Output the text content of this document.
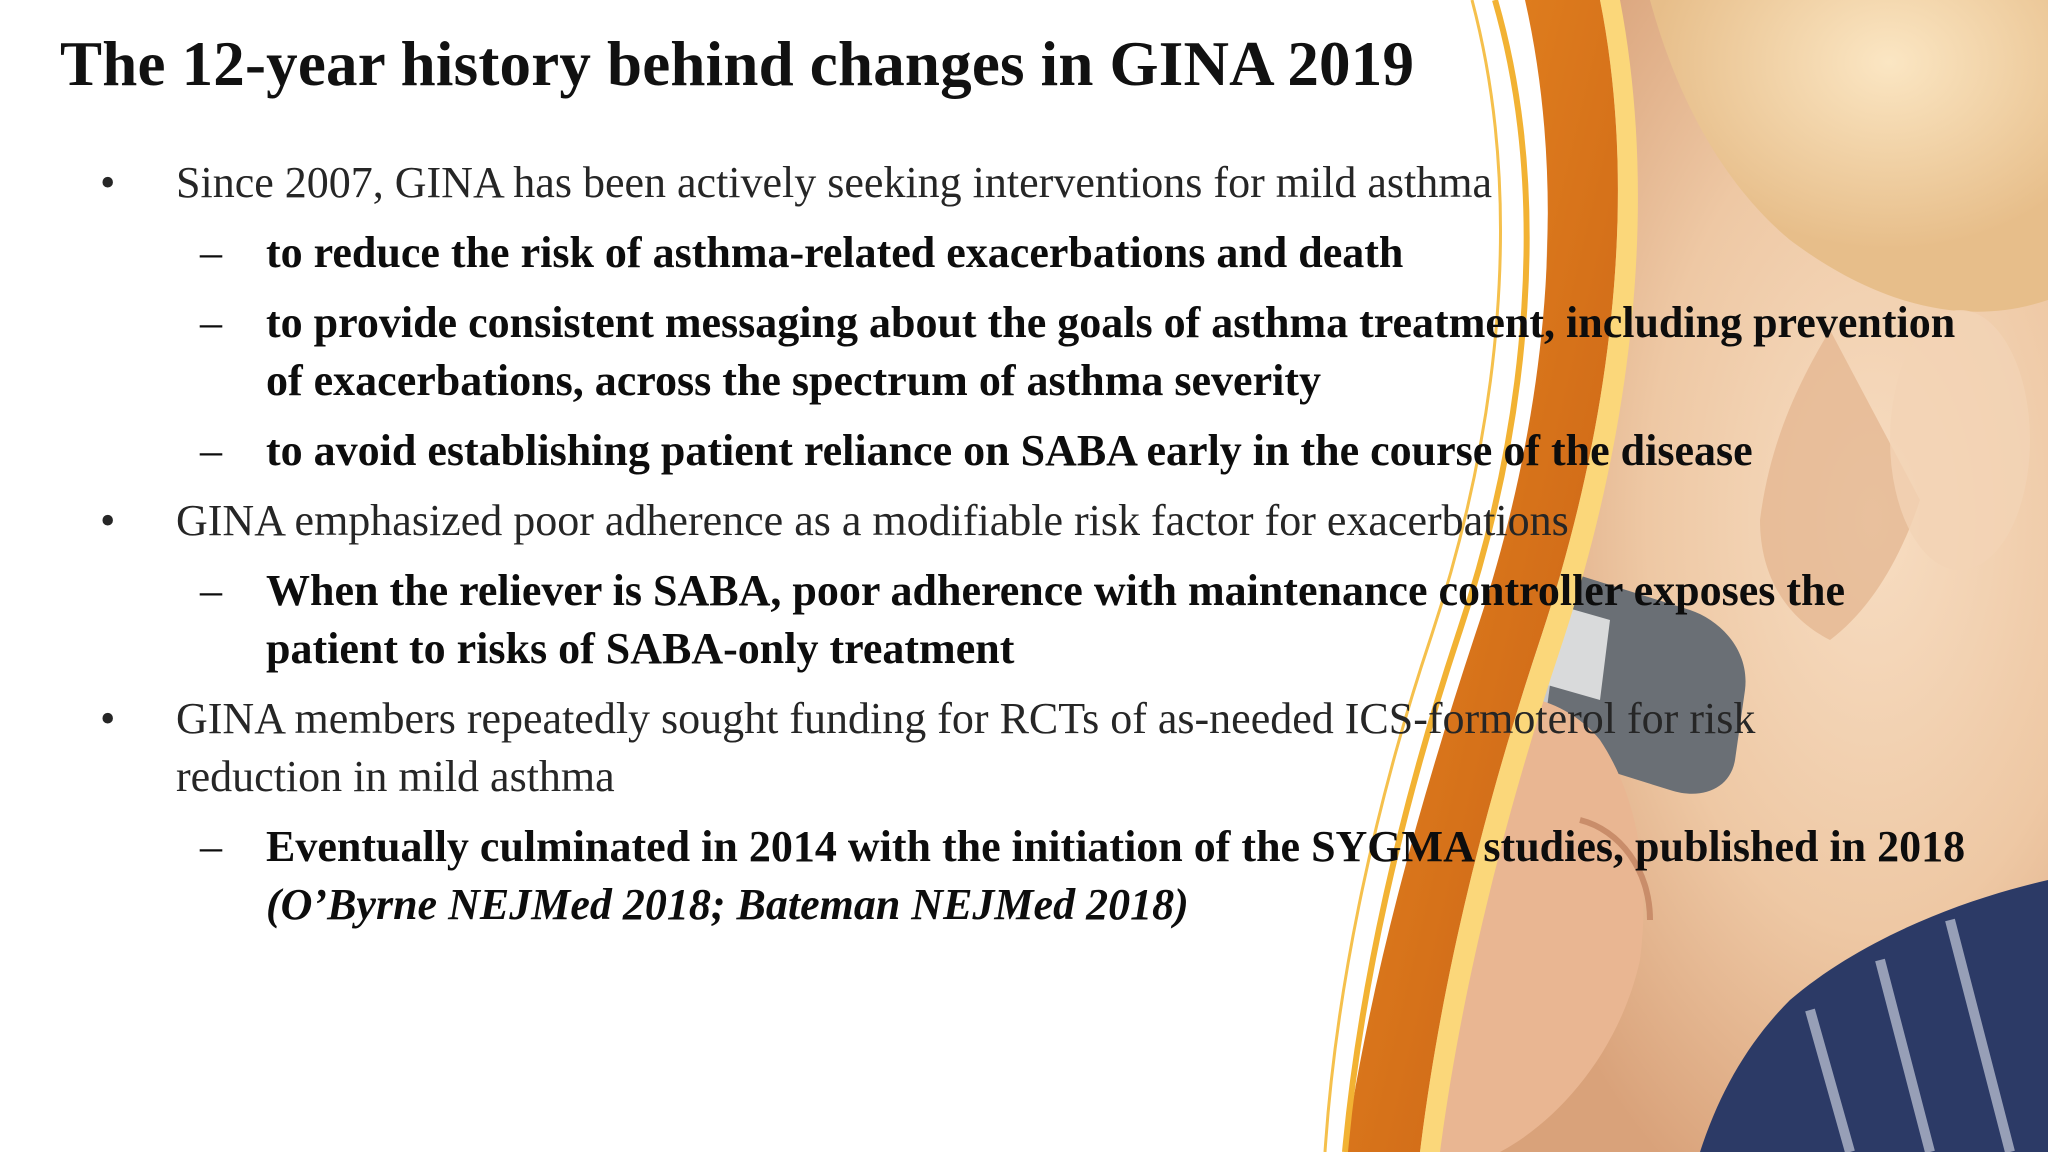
The 12-year history behind changes in GINA 2019
•	Since 2007, GINA has been actively seeking interventions for mild asthma
– to reduce the risk of asthma-related exacerbations and death
– to provide consistent messaging about the goals of asthma treatment, including prevention of exacerbations, across the spectrum of asthma severity
– to avoid establishing patient reliance on SABA early in the course of the disease
•	GINA emphasized poor adherence as a modifiable risk factor for exacerbations
– When the reliever is SABA, poor adherence with maintenance controller exposes the patient to risks of SABA-only treatment
•	GINA members repeatedly sought funding for RCTs of as-needed ICS-formoterol for risk reduction in mild asthma
– Eventually culminated in 2014 with the initiation of the SYGMA studies, published in 2018
(O’Byrne NEJMed 2018; Bateman NEJMed 2018)
